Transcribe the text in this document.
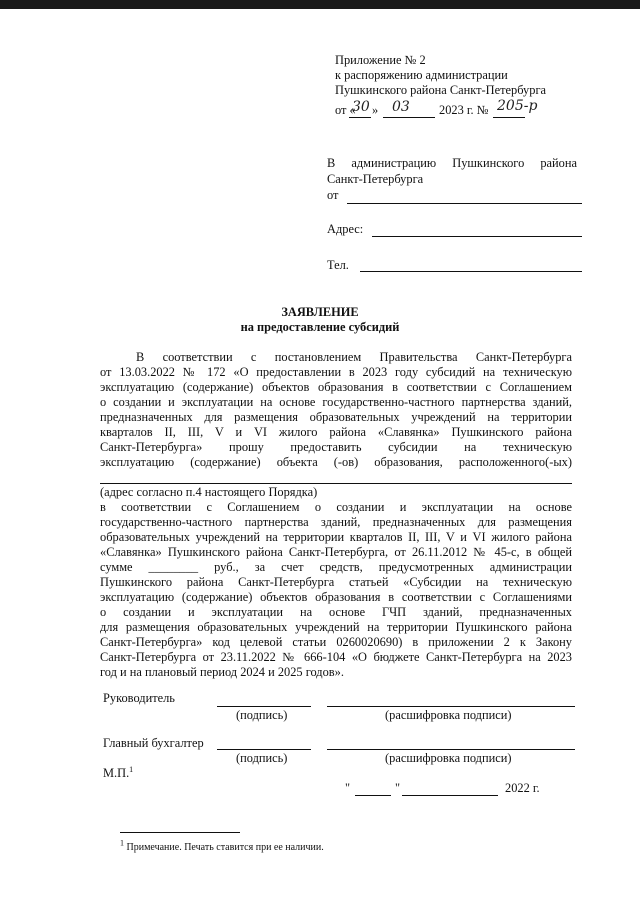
Приложение № 2
к распоряжению администрации
Пушкинского района Санкт-Петербурга
от «
30 » 03 2023 г. № 205-р
В администрацию Пушкинского района
Санкт-Петербурга
от
Адрес:
Тел.
ЗАЯВЛЕНИЕ
на предоставление субсидий
В соответствии с постановлением Правительства Санкт-Петербурга
от 13.03.2022 № 172 «О предоставлении в 2023 году субсидий на техническую
эксплуатацию (содержание) объектов образования в соответствии с Соглашением
о создании и эксплуатации на основе государственно-частного партнерства зданий,
предназначенных для размещения образовательных учреждений на территории
кварталов II, III, V и VI жилого района «Славянка» Пушкинского района
Санкт-Петербурга» прошу предоставить субсидии на техническую
эксплуатацию (содержание) объекта (-ов) образования, расположенного(-ых)
(адрес согласно п.4 настоящего Порядка)
в соответствии с Соглашением о создании и эксплуатации на основе
государственно-частного партнерства зданий, предназначенных для размещения
образовательных учреждений на территории кварталов II, III, V и VI жилого района
«Славянка» Пушкинского района Санкт-Петербурга, от 26.11.2012 № 45-с, в общей
сумме ________ руб., за счет средств, предусмотренных администрации
Пушкинского района Санкт-Петербурга статьей «Субсидии на техническую
эксплуатацию (содержание) объектов образования в соответствии с Соглашениями
о создании и эксплуатации на основе ГЧП зданий, предназначенных
для размещения образовательных учреждений на территории Пушкинского района
Санкт-Петербурга» код целевой статьи 0260020690) в приложении 2 к Закону
Санкт-Петербурга от 23.11.2022 № 666-104 «О бюджете Санкт-Петербурга на 2023
год и на плановый период 2024 и 2025 годов».
Руководитель
(подпись)	(расшифровка подписи)
Главный бухгалтер
(подпись)	(расшифровка подписи)
М.П.$^1$
"	"	2022 г.
$^1$ Примечание. Печать ставится при ее наличии.
